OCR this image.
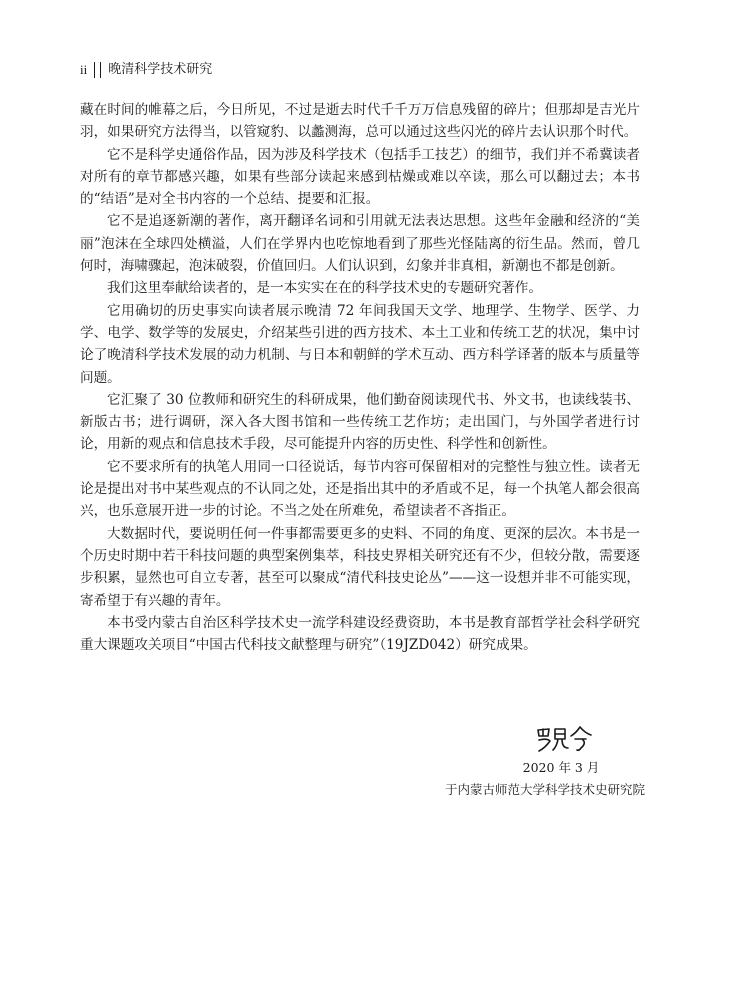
ii 晚清科学技术研究

藏在时间的帷幕之后，今日所见，不过是逝去时代千千万万信息残留的碎片；但那却是吉光片羽，如果研究方法得当，以管窥豹、以蠡测海，总可以通过这些闪光的碎片去认识那个时代。

它不是科学史通俗作品，因为涉及科学技术（包括手工技艺）的细节，我们并不希冀读者对所有的章节都感兴趣，如果有些部分读起来感到枯燥或难以卒读，那么可以翻过去；本书的“结语”是对全书内容的一个总结、提要和汇报。

它不是追逐新潮的著作，离开翻译名词和引用就无法表达思想。这些年金融和经济的“美丽”泡沫在全球四处横溢，人们在学界内也吃惊地看到了那些光怪陆离的衍生品。然而，曾几何时，海啸骤起，泡沫破裂，价值回归。人们认识到，幻象并非真相，新潮也不都是创新。

我们这里奉献给读者的，是一本实实在在的科学技术史的专题研究著作。

它用确切的历史事实向读者展示晚清 72 年间我国天文学、地理学、生物学、医学、力学、电学、数学等的发展史，介绍某些引进的西方技术、本土工业和传统工艺的状况，集中讨论了晚清科学技术发展的动力机制、与日本和朝鲜的学术互动、西方科学译著的版本与质量等问题。

它汇聚了 30 位教师和研究生的科研成果，他们勤奋阅读现代书、外文书，也读线装书、新版古书；进行调研，深入各大图书馆和一些传统工艺作坊；走出国门，与外国学者进行讨论，用新的观点和信息技术手段，尽可能提升内容的历史性、科学性和创新性。

它不要求所有的执笔人用同一口径说话，每节内容可保留相对的完整性与独立性。读者无论是提出对书中某些观点的不认同之处，还是指出其中的矛盾或不足，每一个执笔人都会很高兴，也乐意展开进一步的讨论。不当之处在所难免，希望读者不吝指正。

大数据时代，要说明任何一件事都需要更多的史料、不同的角度、更深的层次。本书是一个历史时期中若干科技问题的典型案例集萃，科技史界相关研究还有不少，但较分散，需要逐步积累，显然也可自立专著，甚至可以聚成“清代科技史论丛”——这一设想并非不可能实现，寄希望于有兴趣的青年。

本书受内蒙古自治区科学技术史一流学科建设经费资助，本书是教育部哲学社会科学研究重大课题攻关项目“中国古代科技文献整理与研究”（19JZD042）研究成果。

2020 年 3 月
于内蒙古师范大学科学技术史研究院
